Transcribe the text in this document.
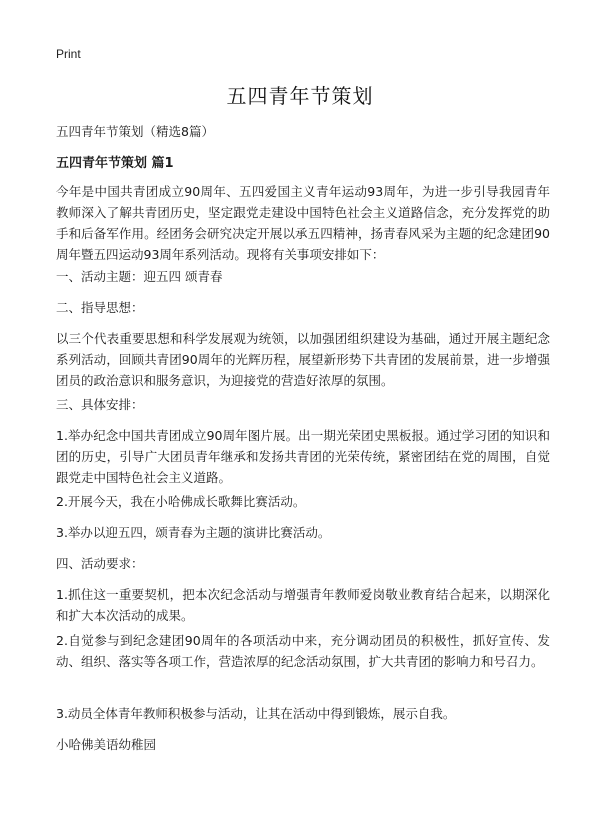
Print
五四青年节策划
五四青年节策划（精选8篇）
五四青年节策划 篇1
今年是中国共青团成立90周年、五四爱国主义青年运动93周年，为进一步引导我园青年教师深入了解共青团历史，坚定跟党走建设中国特色社会主义道路信念，充分发挥党的助手和后备军作用。经团务会研究决定开展以承五四精神，扬青春风采为主题的纪念建团90周年暨五四运动93周年系列活动。现将有关事项安排如下：
一、活动主题：迎五四 颂青春
二、指导思想：
以三个代表重要思想和科学发展观为统领，以加强团组织建设为基础，通过开展主题纪念系列活动，回顾共青团90周年的光辉历程，展望新形势下共青团的发展前景，进一步增强团员的政治意识和服务意识，为迎接党的营造好浓厚的氛围。
三、具体安排：
1.举办纪念中国共青团成立90周年图片展。出一期光荣团史黑板报。通过学习团的知识和团的历史，引导广大团员青年继承和发扬共青团的光荣传统，紧密团结在党的周围，自觉跟党走中国特色社会主义道路。
2.开展今天，我在小哈佛成长歌舞比赛活动。
3.举办以迎五四，颂青春为主题的演讲比赛活动。
四、活动要求：
1.抓住这一重要契机，把本次纪念活动与增强青年教师爱岗敬业教育结合起来，以期深化和扩大本次活动的成果。
2.自觉参与到纪念建团90周年的各项活动中来，充分调动团员的积极性，抓好宣传、发动、组织、落实等各项工作，营造浓厚的纪念活动氛围，扩大共青团的影响力和号召力。
3.动员全体青年教师积极参与活动，让其在活动中得到锻炼，展示自我。
小哈佛美语幼稚园
